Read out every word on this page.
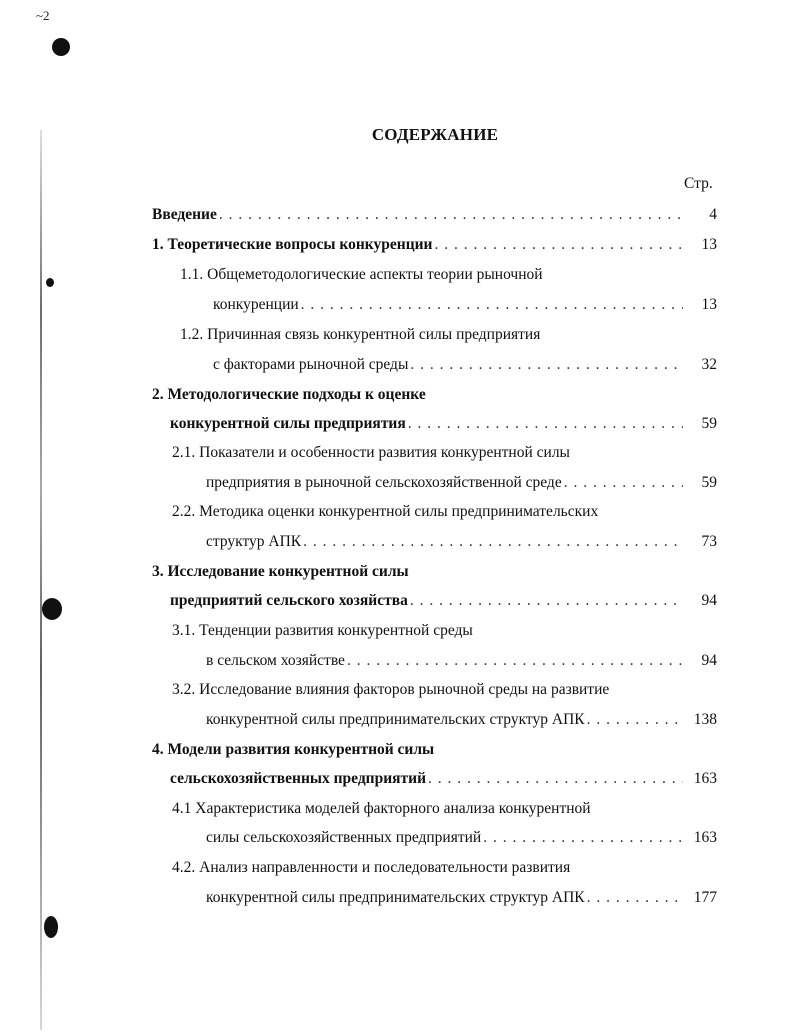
~2
СОДЕРЖАНИЕ
Стр.
Введение . . .	4
1. Теоретические вопросы конкуренции . . .	13
1.1. Общеметодологические аспекты теории рыночной
конкуренции . . .	13
1.2. Причинная связь конкурентной силы предприятия
с факторами рыночной среды . . .	32
2. Методологические подходы к оценке
конкурентной силы предприятия . . .	59
2.1. Показатели и особенности развития конкурентной силы
предприятия в рыночной сельскохозяйственной среде . . .	59
2.2. Методика оценки конкурентной силы предпринимательских
структур АПК . . .	73
3. Исследование конкурентной силы
предприятий сельского хозяйства . . .	94
3.1. Тенденции развития конкурентной среды
в сельском хозяйстве . . .	94
3.2. Исследование влияния факторов рыночной среды на развитие
конкурентной силы предпринимательских структур АПК . . .	138
4. Модели развития конкурентной силы
сельскохозяйственных предприятий . . .	163
4.1 Характеристика моделей факторного анализа конкурентной
силы сельскохозяйственных предприятий . . .	163
4.2. Анализ направленности и последовательности развития
конкурентной силы предпринимательских структур АПК . . .	177
